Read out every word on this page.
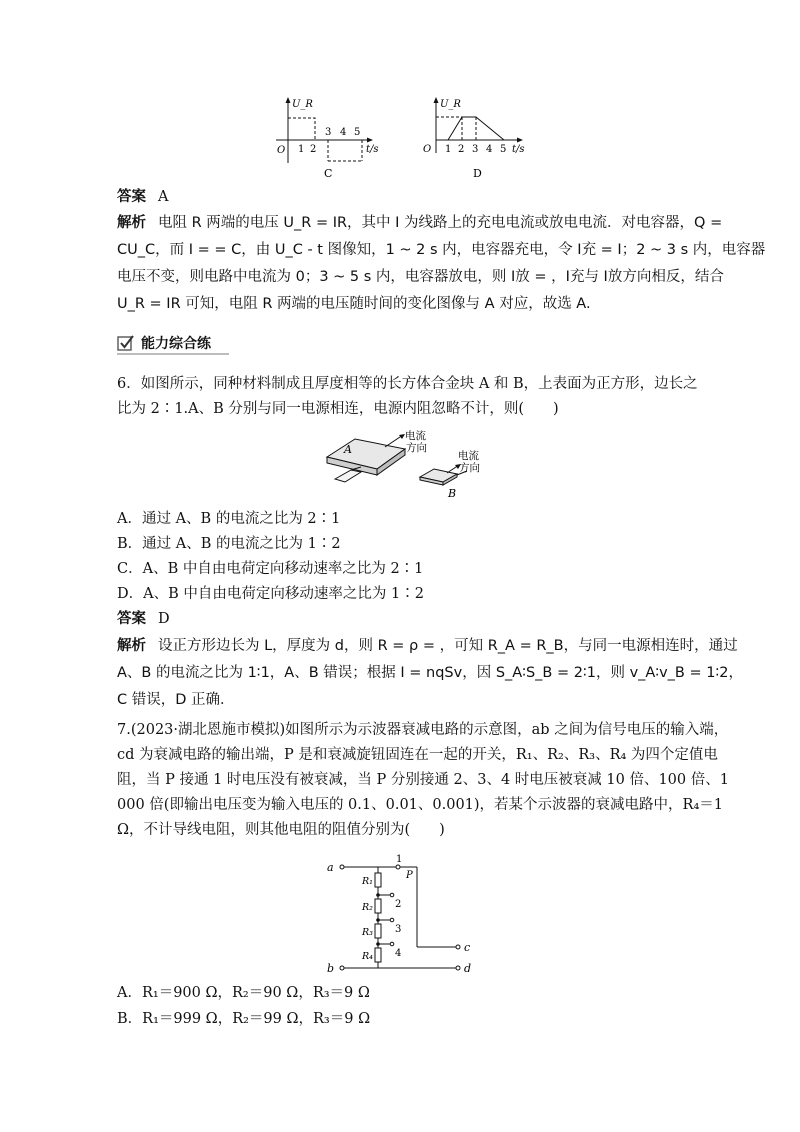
U_R
O 1 2
3 4 5
t/s
C
U_R
O 1 2 3 4 5 t/s
D
答案 A
解析 电阻 R 两端的电压 U_R = IR，其中 I 为线路上的充电电流或放电电流．对电容器，Q =
CU_C，而 I = = C，由 U_C - t 图像知，1 ~ 2 s 内，电容器充电，令 I充 = I；2 ~ 3 s 内，电容器
电压不变，则电路中电流为 0；3 ~ 5 s 内，电容器放电，则 I放 = ，I充与 I放方向相反，结合
U_R = IR 可知，电阻 R 两端的电压随时间的变化图像与 A 对应，故选 A.
能力综合练
6．如图所示，同种材料制成且厚度相等的长方体合金块 A 和 B，上表面为正方形，边长之
比为 2∶1.A、B 分别与同一电源相连，电源内阻忽略不计，则(　　)
A
电流
方向
B
电流
方向
A．通过 A、B 的电流之比为 2∶1
B．通过 A、B 的电流之比为 1∶2
C．A、B 中自由电荷定向移动速率之比为 2∶1
D．A、B 中自由电荷定向移动速率之比为 1∶2
答案 D
解析 设正方形边长为 L，厚度为 d，则 R = ρ = ，可知 R_A = R_B，与同一电源相连时，通过
A、B 的电流之比为 1∶1，A、B 错误；根据 I = nqSv，因 S_A∶S_B = 2∶1，则 v_A∶v_B = 1∶2，
C 错误，D 正确．
7.(2023·湖北恩施市模拟)如图所示为示波器衰减电路的示意图，ab 之间为信号电压的输入端，
cd 为衰减电路的输出端，P 是和衰减旋钮固连在一起的开关，R₁、R₂、R₃、R₄ 为四个定值电
阻，当 P 接通 1 时电压没有被衰减，当 P 分别接通 2、3、4 时电压被衰减 10 倍、100 倍、1
000 倍(即输出电压变为输入电压的 0.1、0.01、0.001)，若某个示波器的衰减电路中，R₄＝1
Ω，不计导线电阻，则其他电阻的阻值分别为(　　)
a
b
c
d
P
1
2
3
4
R₁
R₂
R₃
R₄
A．R₁＝900 Ω，R₂＝90 Ω，R₃＝9 Ω
B．R₁＝999 Ω，R₂＝99 Ω，R₃＝9 Ω
